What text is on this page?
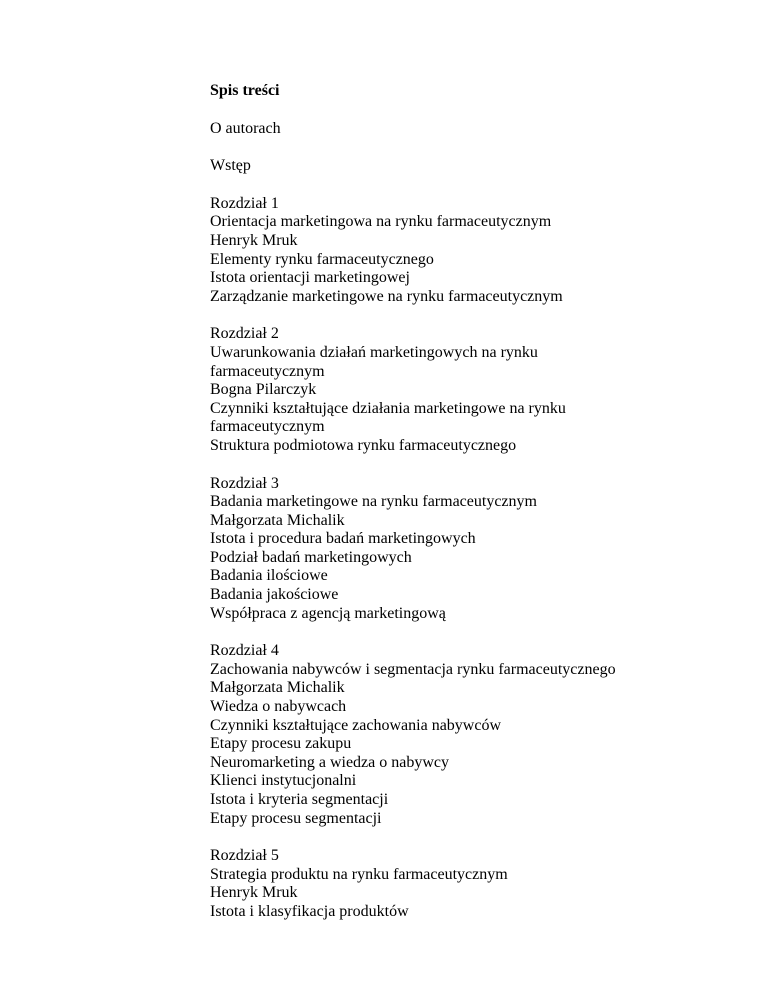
Spis treści
O autorach
Wstęp
Rozdział 1
Orientacja marketingowa na rynku farmaceutycznym
Henryk Mruk
Elementy rynku farmaceutycznego
Istota orientacji marketingowej
Zarządzanie marketingowe na rynku farmaceutycznym
Rozdział 2
Uwarunkowania działań marketingowych na rynku farmaceutycznym
Bogna Pilarczyk
Czynniki kształtujące działania marketingowe na rynku farmaceutycznym
Struktura podmiotowa rynku farmaceutycznego
Rozdział 3
Badania marketingowe na rynku farmaceutycznym
Małgorzata Michalik
Istota i procedura badań marketingowych
Podział badań marketingowych
Badania ilościowe
Badania jakościowe
Współpraca z agencją marketingową
Rozdział 4
Zachowania nabywców i segmentacja rynku farmaceutycznego
Małgorzata Michalik
Wiedza o nabywcach
Czynniki kształtujące zachowania nabywców
Etapy procesu zakupu
Neuromarketing a wiedza o nabywcy
Klienci instytucjonalni
Istota i kryteria segmentacji
Etapy procesu segmentacji
Rozdział 5
Strategia produktu na rynku farmaceutycznym
Henryk Mruk
Istota i klasyfikacja produktów
